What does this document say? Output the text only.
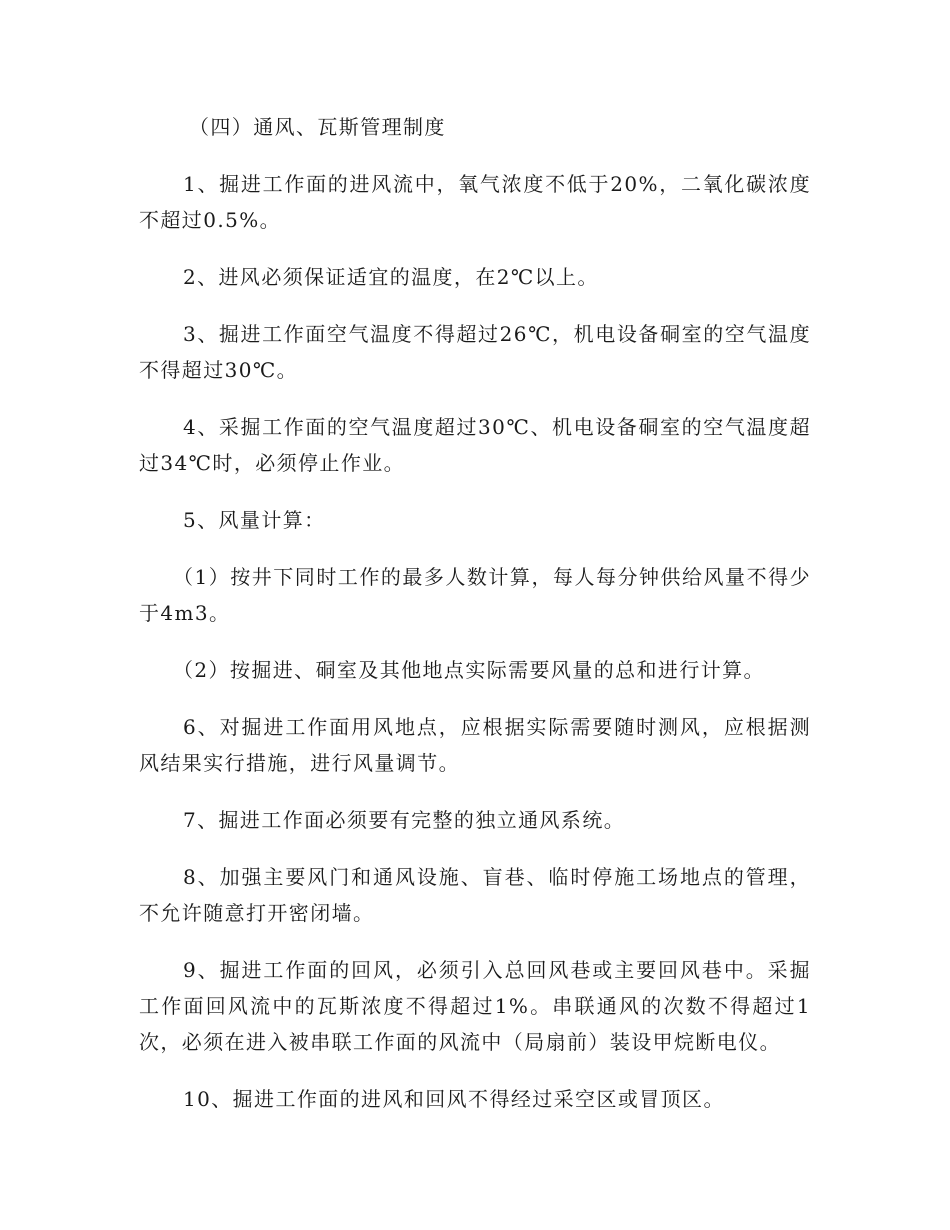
（四）通风、瓦斯管理制度

1、掘进工作面的进风流中，氧气浓度不低于20%，二氧化碳浓度不超过0.5%。

2、进风必须保证适宜的温度，在2℃以上。

3、掘进工作面空气温度不得超过26℃，机电设备硐室的空气温度不得超过30℃。

4、采掘工作面的空气温度超过30℃、机电设备硐室的空气温度超过34℃时，必须停止作业。

5、风量计算：

（1）按井下同时工作的最多人数计算，每人每分钟供给风量不得少于4m3。

（2）按掘进、硐室及其他地点实际需要风量的总和进行计算。

6、对掘进工作面用风地点，应根据实际需要随时测风，应根据测风结果实行措施，进行风量调节。

7、掘进工作面必须要有完整的独立通风系统。

8、加强主要风门和通风设施、盲巷、临时停施工场地点的管理，不允许随意打开密闭墙。

9、掘进工作面的回风，必须引入总回风巷或主要回风巷中。采掘工作面回风流中的瓦斯浓度不得超过1%。串联通风的次数不得超过1次，必须在进入被串联工作面的风流中（局扇前）装设甲烷断电仪。

10、掘进工作面的进风和回风不得经过采空区或冒顶区。
